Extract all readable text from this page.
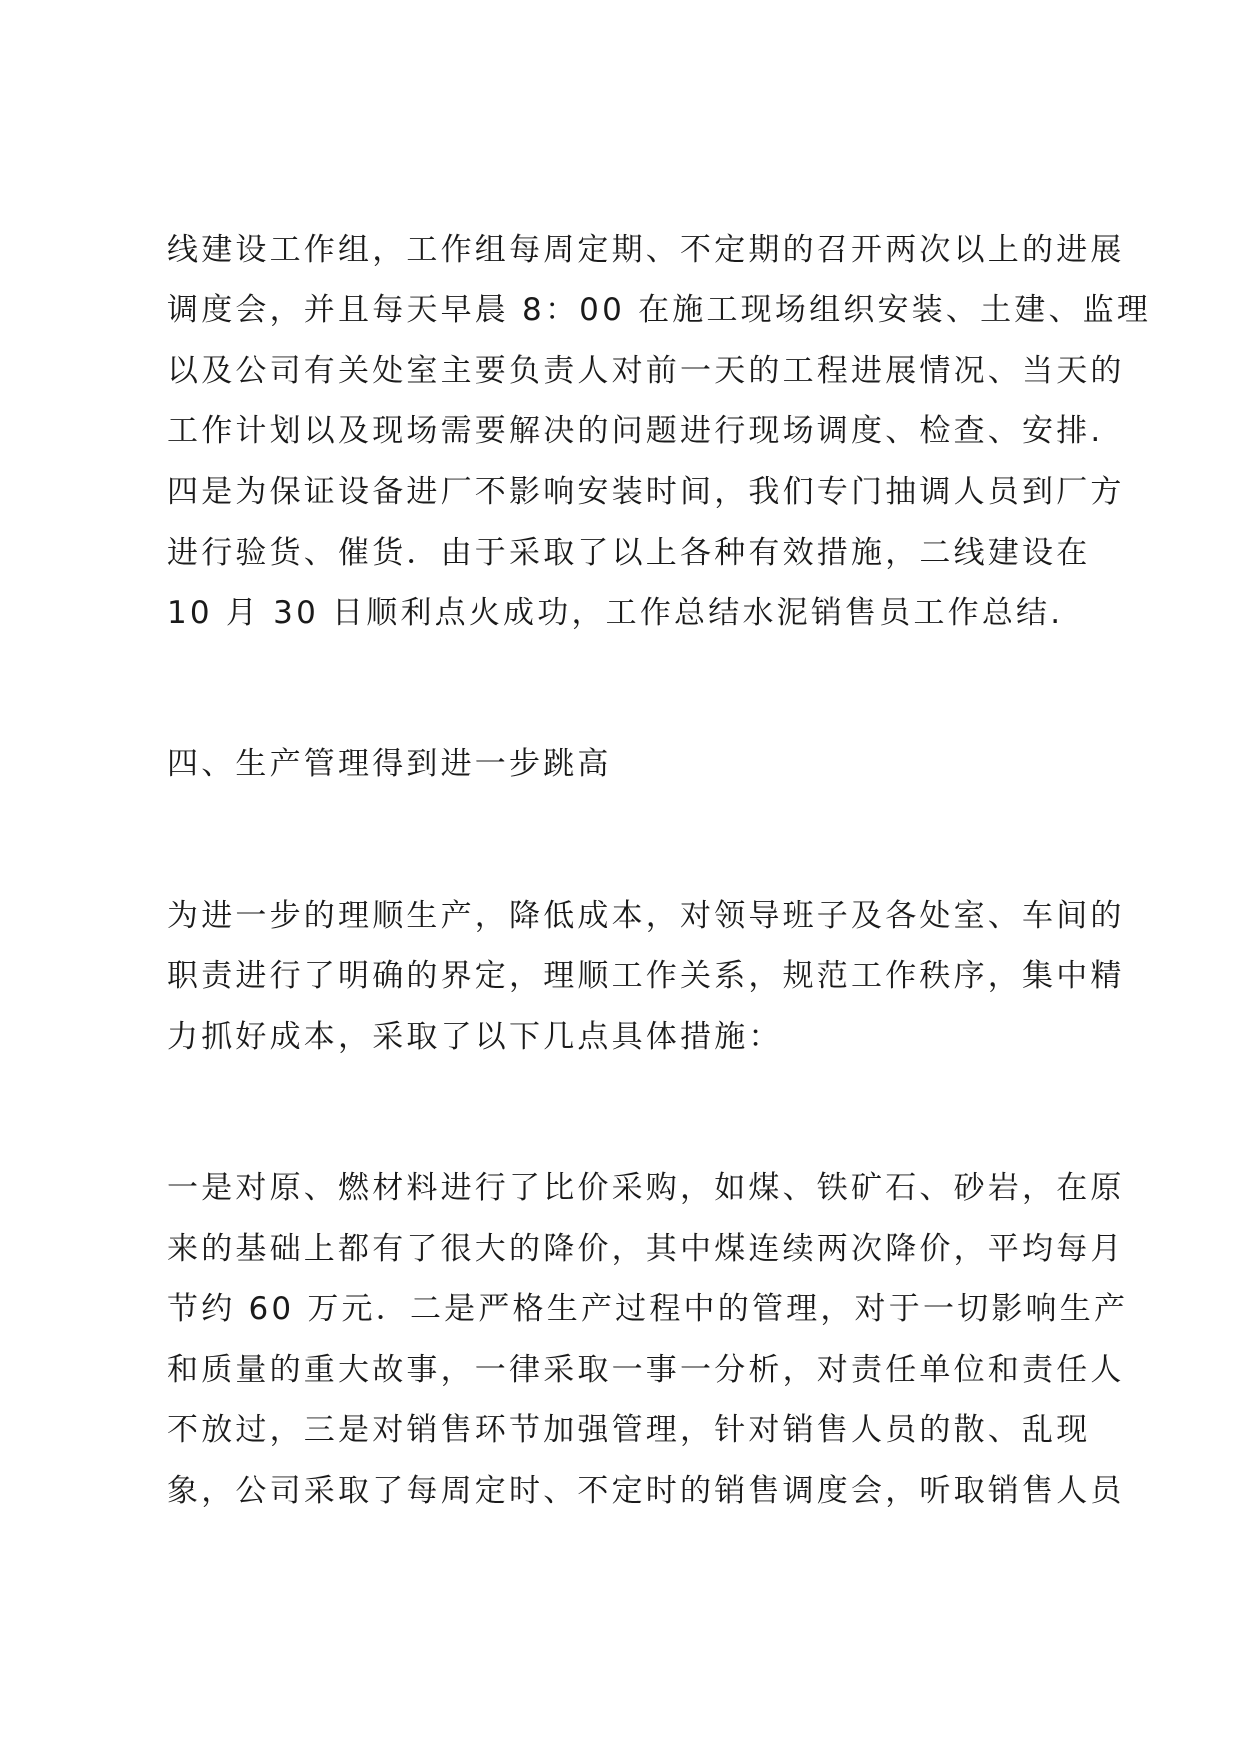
线建设工作组，工作组每周定期、不定期的召开两次以上的进展
调度会，并且每天早晨 8：00 在施工现场组织安装、土建、监理
以及公司有关处室主要负责人对前一天的工程进展情况、当天的
工作计划以及现场需要解决的问题进行现场调度、检查、安排.
四是为保证设备进厂不影响安装时间，我们专门抽调人员到厂方
进行验货、催货．由于采取了以上各种有效措施，二线建设在
10 月 30 日顺利点火成功，工作总结水泥销售员工作总结.
四、生产管理得到进一步跳高
为进一步的理顺生产，降低成本，对领导班子及各处室、车间的
职责进行了明确的界定，理顺工作关系，规范工作秩序，集中精
力抓好成本，采取了以下几点具体措施：
一是对原、燃材料进行了比价采购，如煤、铁矿石、砂岩，在原
来的基础上都有了很大的降价，其中煤连续两次降价，平均每月
节约 60 万元．二是严格生产过程中的管理，对于一切影响生产
和质量的重大故事，一律采取一事一分析，对责任单位和责任人
不放过，三是对销售环节加强管理，针对销售人员的散、乱现
象，公司采取了每周定时、不定时的销售调度会，听取销售人员
